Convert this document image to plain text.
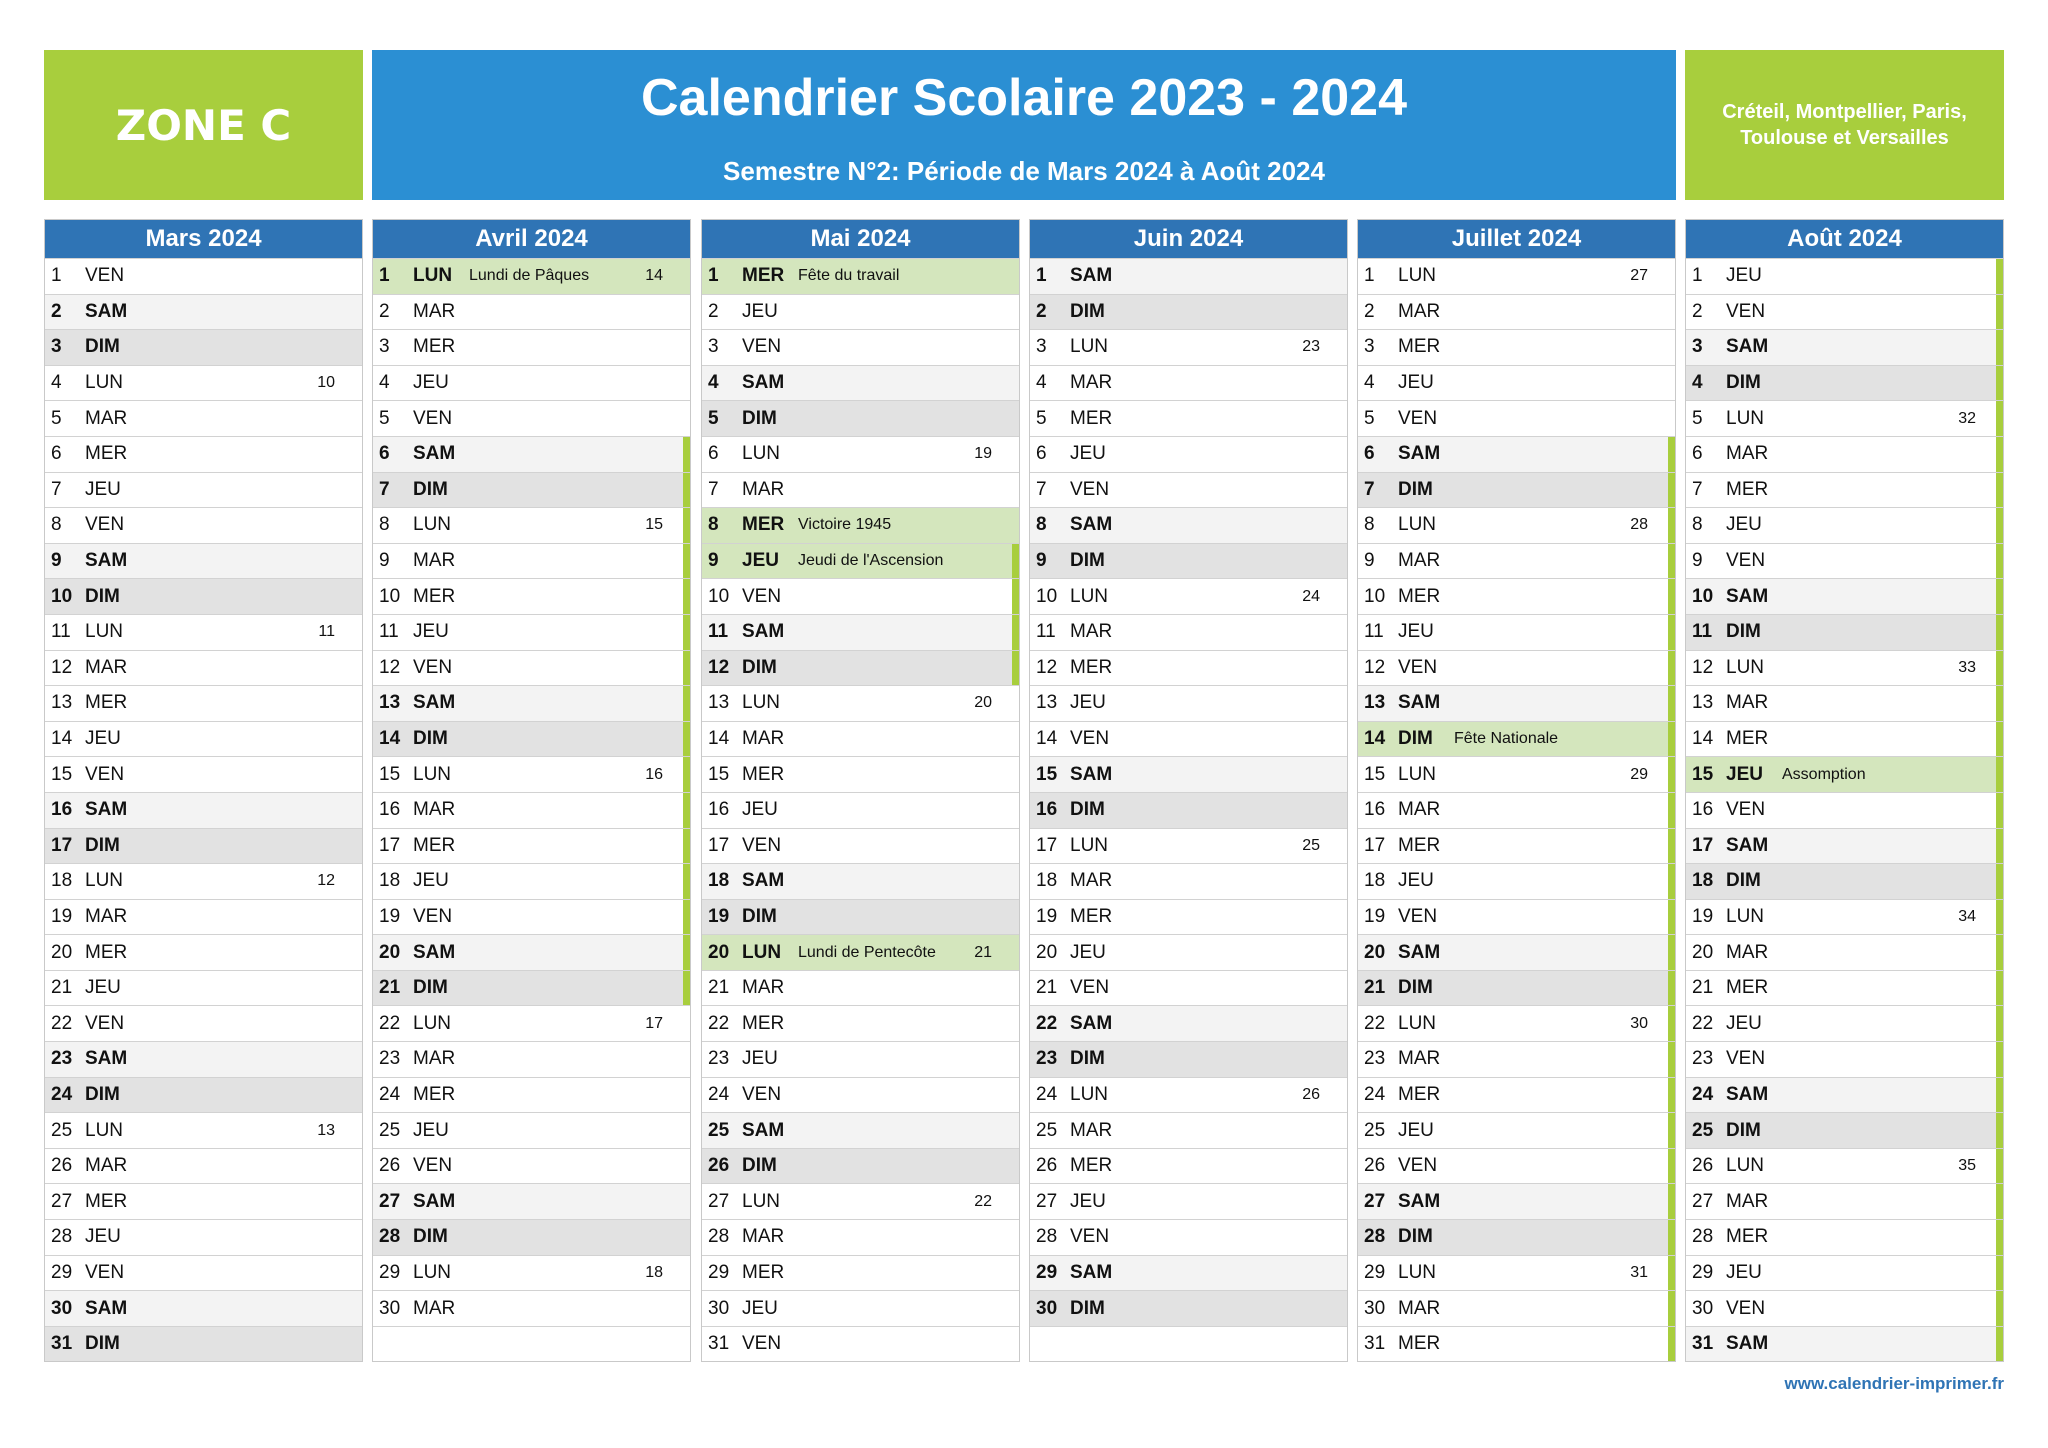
ZONE C	Calendrier Scolaire 2023 - 2024
Semestre N°2: Période de Mars 2024 à Août 2024
Créteil, Montpellier, Paris, Toulouse et Versailles
Mars 2024
1	VEN
2	SAM
3	DIM
4	LUN	10
5	MAR
6	MER
7	JEU
8	VEN
9	SAM
10 DIM
11 LUN	11
12 MAR
13 MER
14 JEU
15 VEN
16 SAM
17 DIM
18 LUN	12
19 MAR
20 MER
21 JEU
22 VEN
23 SAM
24 DIM
25 LUN	13
26 MAR
27 MER
28 JEU
29 VEN
30 SAM
31 DIM
Avril 2024
1	LUN	Lundi de Pâques	14
2	MAR
3	MER
4	JEU
5	VEN
6	SAM
7	DIM
8	LUN	15
9	MAR
10 MER
11 JEU
12 VEN
13 SAM
14 DIM
15 LUN	16
16 MAR
17 MER
18 JEU
19 VEN
20 SAM
21 DIM
22 LUN	17
23 MAR
24 MER
25 JEU
26 VEN
27 SAM
28 DIM
29 LUN	18
30 MAR
Mai 2024
1	MER Fête du travail
2	JEU
3	VEN
4	SAM
5	DIM
6	LUN	19
7	MAR
8	MER Victoire 1945
9	JEU	Jeudi de l'Ascension
10 VEN
11 SAM
12 DIM
13 LUN	20
14 MAR
15 MER
16 JEU
17 VEN
18 SAM
19 DIM
20 LUN	Lundi de Pentecôte 21
21 MAR
22 MER
23 JEU
24 VEN
25 SAM
26 DIM
27 LUN	22
28 MAR
29 MER
30 JEU
31 VEN
Juin 2024
1	SAM
2	DIM
3	LUN	23
4	MAR
5	MER
6	JEU
7	VEN
8	SAM
9	DIM
10 LUN	24
11 MAR
12 MER
13 JEU
14 VEN
15 SAM
16 DIM
17 LUN	25
18 MAR
19 MER
20 JEU
21 VEN
22 SAM
23 DIM
24 LUN	26
25 MAR
26 MER
27 JEU
28 VEN
29 SAM
30 DIM
Juillet 2024
1	LUN	27
2	MAR
3	MER
4	JEU
5	VEN
6	SAM
7	DIM
8	LUN	28
9	MAR
10 MER
11 JEU
12 VEN
13 SAM
14 DIM	Fête Nationale
15 LUN	29
16 MAR
17 MER
18 JEU
19 VEN
20 SAM
21 DIM
22 LUN	30
23 MAR
24 MER
25 JEU
26 VEN
27 SAM
28 DIM
29 LUN	31
30 MAR
31 MER
Août 2024
1	JEU
2	VEN
3	SAM
4	DIM
5	LUN	32
6	MAR
7	MER
8	JEU
9	VEN
10 SAM
11 DIM
12 LUN	33
13 MAR
14 MER
15 JEU	Assomption
16 VEN
17 SAM
18 DIM
19 LUN	34
20 MAR
21 MER
22 JEU
23 VEN
24 SAM
25 DIM
26 LUN	35
27 MAR
28 MER
29 JEU
30 VEN
31 SAM
www.calendrier-imprimer.fr
